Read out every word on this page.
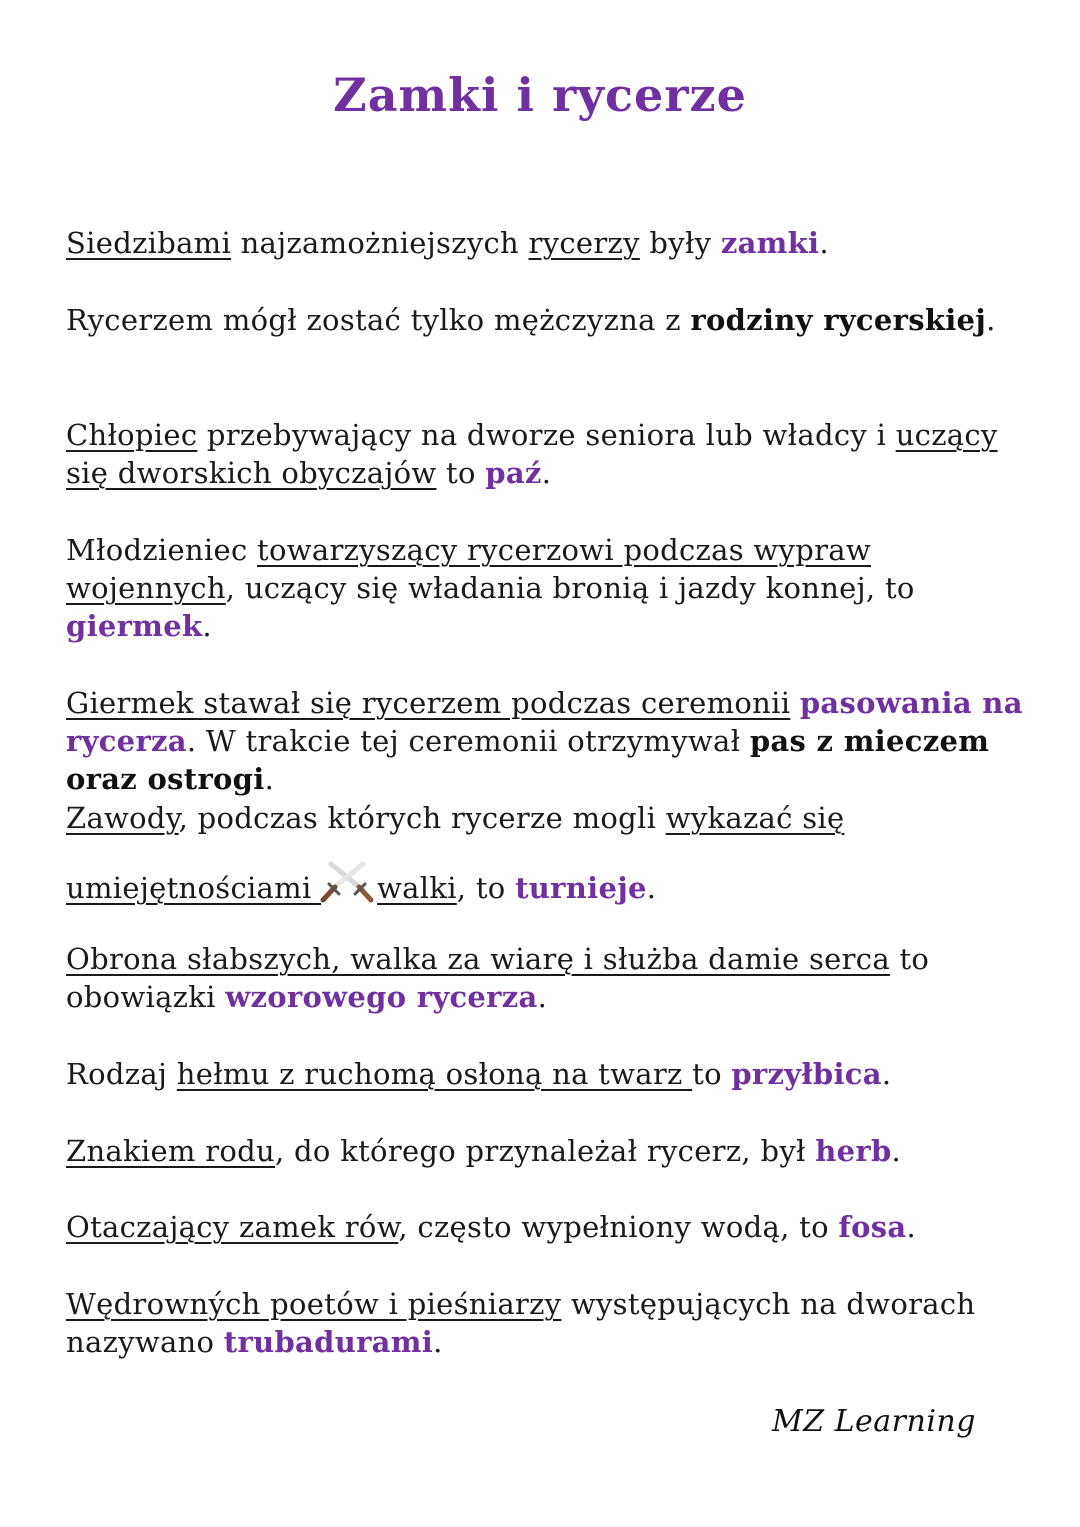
Zamki i rycerze
Siedzibami najzamożniejszych rycerzy były zamki.
Rycerzem mógł zostać tylko mężczyzna z rodziny rycerskiej.
Chłopiec przebywający na dworze seniora lub władcy i uczący się dworskich obyczajów to paź.
Młodzieniec towarzyszący rycerzowi podczas wypraw wojennych, uczący się władania bronią i jazdy konnej, to giermek.
Giermek stawał się rycerzem podczas ceremonii pasowania na rycerza. W trakcie tej ceremonii otrzymywał pas z mieczem oraz ostrogi.
Zawody, podczas których rycerze mogli wykazać się
umiejętnościami walki, to turnieje.
Obrona słabszych, walka za wiarę i służba damie serca to obowiązki wzorowego rycerza.
Rodzaj hełmu z ruchomą osłoną na twarz to przyłbica.
Znakiem rodu, do którego przynależał rycerz, był herb.
Otaczający zamek rów, często wypełniony wodą, to fosa.
Wędrowných poetów i pieśniarzy występujących na dworach nazywano trubadurami.
MZ Learning
